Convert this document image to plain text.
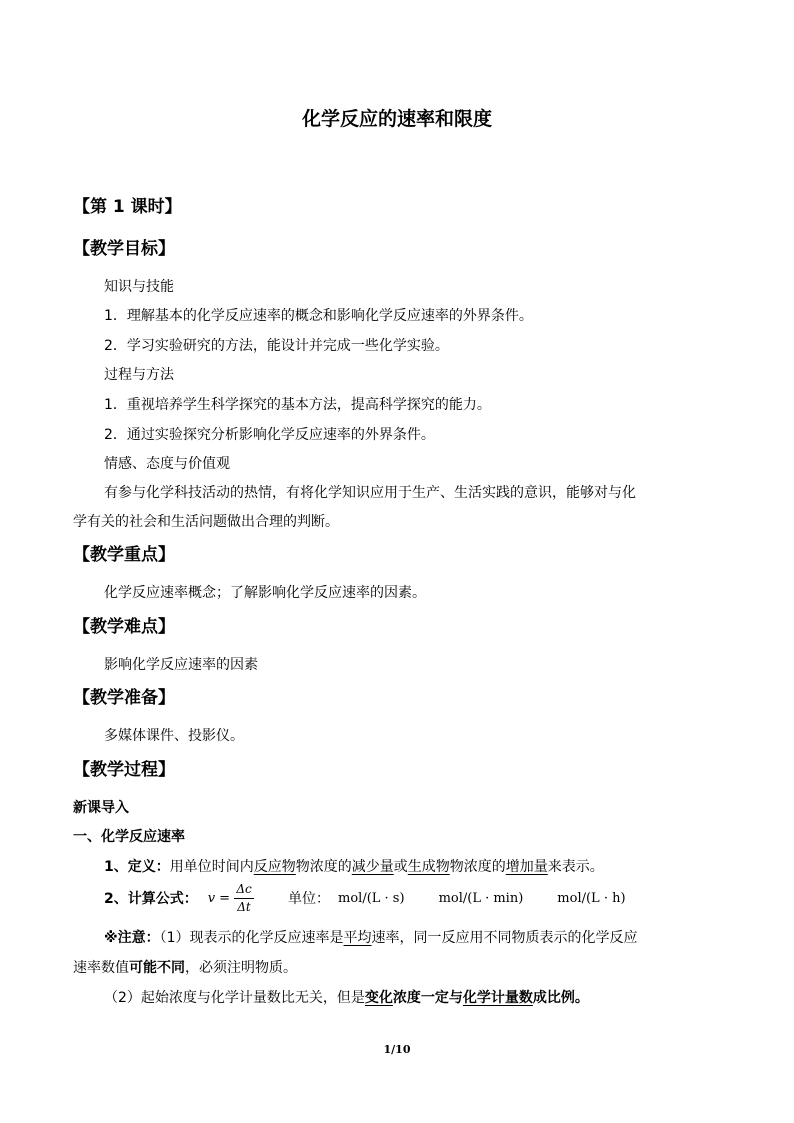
化学反应的速率和限度
【第 1 课时】
【教学目标】
知识与技能
1．理解基本的化学反应速率的概念和影响化学反应速率的外界条件。
2．学习实验研究的方法，能设计并完成一些化学实验。
过程与方法
1．重视培养学生科学探究的基本方法，提高科学探究的能力。
2．通过实验探究分析影响化学反应速率的外界条件。
情感、态度与价值观
有参与化学科技活动的热情，有将化学知识应用于生产、生活实践的意识，能够对与化
学有关的社会和生活问题做出合理的判断。
【教学重点】
化学反应速率概念；了解影响化学反应速率的因素。
【教学难点】
影响化学反应速率的因素
【教学准备】
多媒体课件、投影仪。
【教学过程】
新课导入
一、化学反应速率
1、定义：用单位时间内反应物物浓度的减少量或生成物物浓度的增加量来表示。
2、计算公式： $v = \frac{\Delta c}{\Delta t}$ 单位： mol/(L · s)	mol/(L · min)	mol/(L · h)
※注意：（1）现表示的化学反应速率是平均速率，同一反应用不同物质表示的化学反应
速率数值可能不同，必须注明物质。
（2）起始浓度与化学计量数比无关，但是变化浓度一定与化学计量数成比例。
1/10
